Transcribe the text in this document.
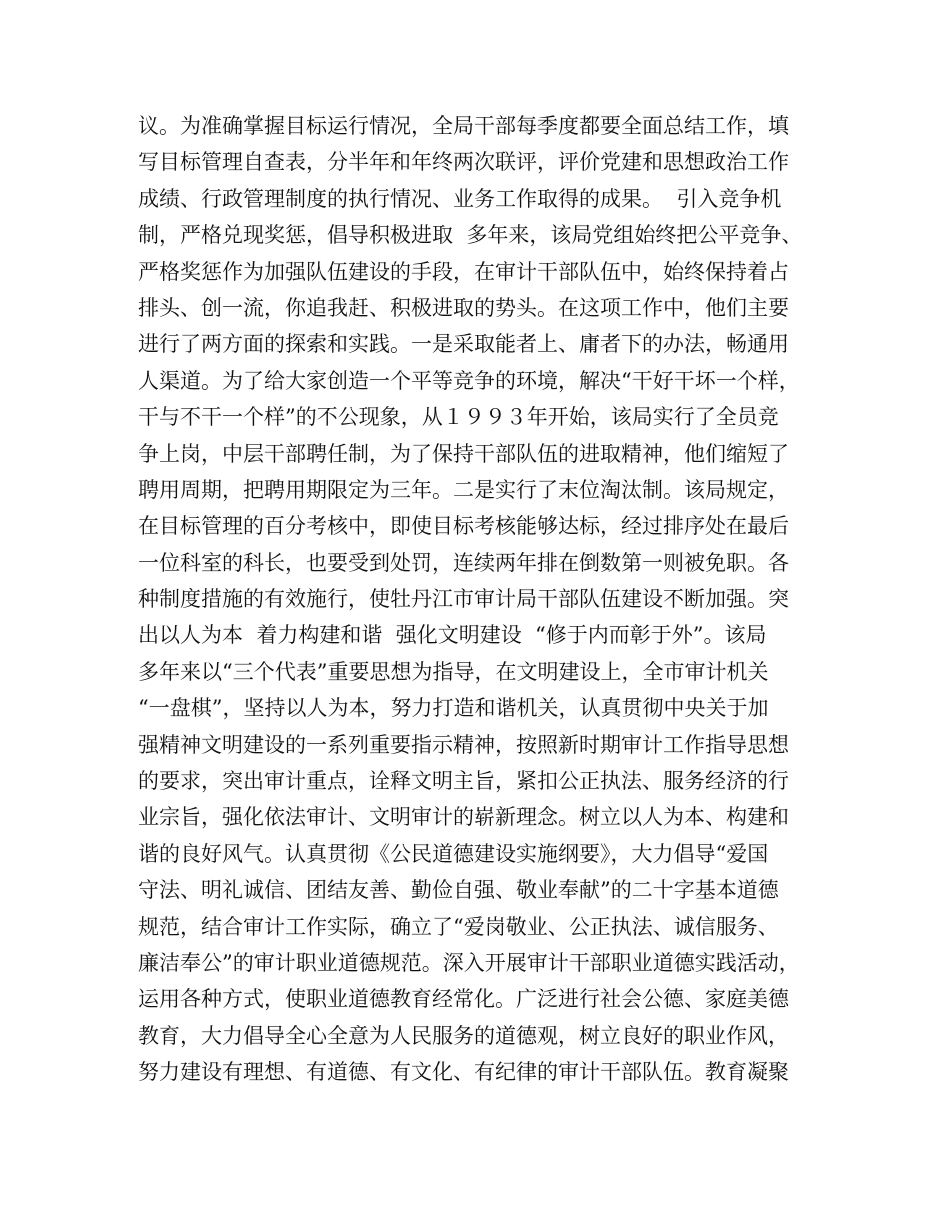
议。为准确掌握目标运行情况，全局干部每季度都要全面总结工作，填
写目标管理自查表，分半年和年终两次联评，评价党建和思想政治工作
成绩、行政管理制度的执行情况、业务工作取得的成果。  引入竞争机
制，严格兑现奖惩，倡导积极进取  多年来，该局党组始终把公平竞争、
严格奖惩作为加强队伍建设的手段，在审计干部队伍中，始终保持着占
排头、创一流，你追我赶、积极进取的势头。在这项工作中，他们主要
进行了两方面的探索和实践。一是采取能者上、庸者下的办法，畅通用
人渠道。为了给大家创造一个平等竞争的环境，解决“干好干坏一个样，
干与不干一个样”的不公现象，从１９９３年开始，该局实行了全员竞
争上岗，中层干部聘任制，为了保持干部队伍的进取精神，他们缩短了
聘用周期，把聘用期限定为三年。二是实行了末位淘汰制。该局规定，
在目标管理的百分考核中，即使目标考核能够达标，经过排序处在最后
一位科室的科长，也要受到处罚，连续两年排在倒数第一则被免职。各
种制度措施的有效施行，使牡丹江市审计局干部队伍建设不断加强。突
出以人为本  着力构建和谐  强化文明建设  “修于内而彰于外”。该局
多年来以“三个代表”重要思想为指导，在文明建设上，全市审计机关
“一盘棋”，坚持以人为本，努力打造和谐机关，认真贯彻中央关于加
强精神文明建设的一系列重要指示精神，按照新时期审计工作指导思想
的要求，突出审计重点，诠释文明主旨，紧扣公正执法、服务经济的行
业宗旨，强化依法审计、文明审计的崭新理念。树立以人为本、构建和
谐的良好风气。认真贯彻《公民道德建设实施纲要》，大力倡导“爱国
守法、明礼诚信、团结友善、勤俭自强、敬业奉献”的二十字基本道德
规范，结合审计工作实际，确立了“爱岗敬业、公正执法、诚信服务、
廉洁奉公”的审计职业道德规范。深入开展审计干部职业道德实践活动，
运用各种方式，使职业道德教育经常化。广泛进行社会公德、家庭美德
教育，大力倡导全心全意为人民服务的道德观，树立良好的职业作风，
努力建设有理想、有道德、有文化、有纪律的审计干部队伍。教育凝聚
